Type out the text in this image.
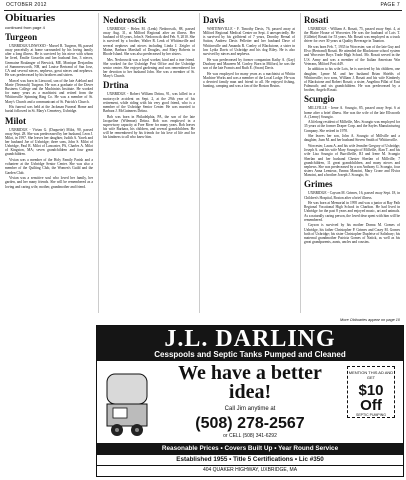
OCTOBER 2012	PAGE 7
Obituaries
continued from page 4
Turgeon

UXBRIDGE/LINWOOD - Marcel R. Turgeon, 86, passed away peacefully at home surrounded by his loving family after a long illness. He is survived by his niece with whom he lived, Emilie Gosselin and her husband Jim, 3 nieces, Germaine Boulanger of Berwick, ME, Monique Desjardins of Summersworth, NH, and Louise Bertrand of San Jose, CA and several nieces, nephews, great nieces and nephews. He was predeceased by his brothers and sisters.

Marcel was born in Linwood, son of the late Adelard and Marie (Tetreault) Turgeon. He was a graduate of the Dover Business College and the Machinists Institute. He worked for many years as a machinist and retired from the Whitinsville Spinning Ring Co. He was a member of St. Mary's Church and a communicant of St. Patrick's Church.

His funeral was held at the Jackman Funeral Home and burial followed in St. Mary's Cemetery, Uxbridge.

Milot

UXBRIDGE - Vivian G. (Duquette) Milot, 90, passed away Sept. 28. She was predeceased by her husband, Leon J. Milot, in 1997. She leaves her daughter, Judith A. Yacek and her husband Joe of Uxbridge; three sons, John S. Milot of Uxbridge, Paul R. Milot of Lancaster, PA, Charles A. Milot of Kingston, MA; seven grandchildren and four great grandchildren.

Vivian was a member of the Holy Family Parish and a volunteer at the Uxbridge Senior Center. She was also a member of the Quilting Club, the Women's Guild and the Garden Club.

Vivian was a sensitive soul who loved her family, her garden, and her many friends. She will be remembered as a loving and caring wife, mother, grandmother and friend.

Nedoroscik

UXBRIDGE - Helen M. (Lenk) Nedoroscik, 88, passed away Aug. 31, at Milford Regional after an illness. Her husband of 63 years, John S. Nedoroscik died Feb. 9, 2010. She is survived by a brother, Walter R. Lenk of Whitinsville and several nephews and nieces including Linda J. Zeigler of Maine, Barbara Marshall of Douglas, and Mary Roberts in Rhode Island. She was also predeceased by her sisters.

Mrs. Nedoroscik was a loyal worker, kind and a true friend. She worked for the Uxbridge Post Office and the Uxbridge senior center. She enjoyed gardening and was remembered for her devotion to her husband John. She was a member of St. Mary's Church.

Drtina

UXBRIDGE - Robert William Drtina, 91, was killed in a motorcycle accident on Sept. 2, at the 29th year of his retirement, while riding with his very good friend, who is a member of the Uxbridge Senior Center. He was married to Barbara J. McGuinness Drtina.

Bob was born in Philadelphia, PA, the son of the late Jacqueline (Wileman) Drtina. Bob was employed in a supervisory capacity at Fore River for many years. Bob leaves his wife Barbara, his children, and several grandchildren. He will be remembered by his friends for his love of life and for his kindness to all who knew him.

Davis

WHITINSVILLE - F. Timothy Davis, 76, passed away at Milford Regional Medical Center on Sept. 4 unexpectedly. He is survived by his girlfriend of 7 years, Dorothy Bernal of Sutton, Andrew Davis Pelletier and her husband Dave of Whitinsville and Amanda R. Conley of Blackstone, a sister in law Lydia Davis of Uxbridge and his dog Riley. He is also survived by nieces and nephews.

He was predeceased by former companion Kathy A. (Gay) Duxbury and Maureen M. Conley. Born in Milford, he was the son of the late Francis and Ruth E. (Swan) Davis.

He was employed for many years as a machinist at Whitin Machine Works and was a member of the Local Lodge. He was a devoted family man and friend to all. He enjoyed fishing, hunting, camping and was a fan of the Boston Bruins.

Rosati

UXBRIDGE - William A. Rosati, 75, passed away Sept. 4, at the Blaire House of Worcester. He was the husband of Lois T. (Gillette) Rosati for 53 years. Mr. Rosati was employed as a truck driver for over 30 years at Quality Beverage in Taunton.

He was born Feb. 7, 1935 in Worcester, son of the late Guy and Elvo (Bertrand) Rosati. He attended the Blackstone school system and Worcester Boys Trade High School. Mr. Rosati served in the U.S. Army and was a member of the Italian American War Veterans, Milford Post #49.

In addition to his wife Lois, he is survived by his children, one daughter, Lynne M. and her husband Brian Shields of Whitinsville; two sons, William J. Rosati and his wife Kimberly of Blackstone and Robert Rosati; a sister, Angelina Pillai of East Falmouth; and six grandchildren. He was predeceased by a brother, Angelo Rosati.

Scungio

MILLVILLE - Irene A. Scungio, 85, passed away Sept. 6 at home after a brief illness. She was the wife of the late Ellsworth A. (Lenny) Scungio.

A lifelong resident of Millville, Mrs. Scungio was employed for 35 years at the former Draper Corp. and the Sayles Manufacturing Company. She retired in 1978.

She leaves her son, John A. Scungio of Millville and a daughter, Joan M. and her husband Steven Smith of Whitinsville.

Worcester, Laura A. and his wife Jennifer Gregory of Uxbridge; Joseph A. and his wife Mary Scungio of Millville, Alan T. and his wife Lisa Scungio of Burrillville, RI and Irene M. Scungio Sherlan and her husband Chester Sherlan of Millville; 7 grandchildren, 11 great grandchildren, and many nieces and nephews. She was predeceased by a son Anthony G. Scungio, four sisters Anna Lemieux, Emma Mancini, Mary Crone and Elvira Mancini, and a brother Joseph J. Scungio, Sr.

Grimes

UXBRIDGE - Cayson M. Grimes, 16, passed away Sept. 18, in Children's Hospital, Boston after a brief illness.

He was born at Memorial in 1995 and was a junior at Bay Path Regional Vocational High School in Charlton. He had lived in Uxbridge for the past 8 years and enjoyed music, art and animals. As a naturally caring person, the loved dear spent with him will be remembered.

Cayson is survived by his mother Donna M. Gomes of Uxbridge, his father Christopher P. Grimes and Casey M. Gomes both of Uxbridge; his sister Christopher Dupleise of Salisbury; his maternal grandmother Patricia Gomes of Natick, as well as his great grandparents, aunts, uncles and cousins.

J.L. DARLING
Cesspools and Septic Tanks Pumped and Cleaned
We have a better idea!
Call Jim anytime at
(508) 278-2567
or CELL (508) 341-6292
MENTION THIS AD AND GET
$10 Off
SEPTIC PUMPING
Reasonable Prices • Covers Built Up • Year Round Service
Established 1955 • Title 5 Certifications • Lic #350
404 QUAKER HIGHWAY, UXBRIDGE, MA
More Obituaries appear on page 10
